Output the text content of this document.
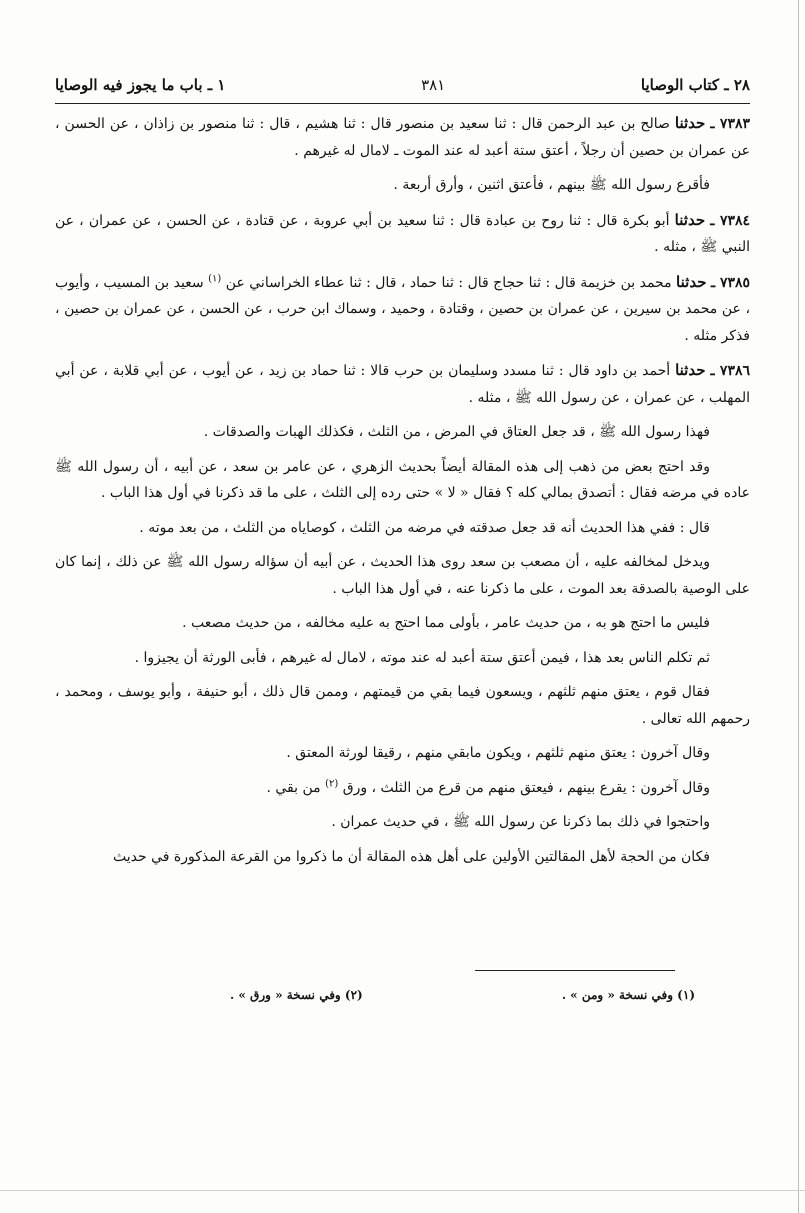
٢٨ ـ كتاب الوصايا
٣٨١
١ ـ باب ما يجوز فيه الوصايا

٧٣٨٣ ـ حدثنا صالح بن عبد الرحمن قال : ثنا سعيد بن منصور قال : ثنا هشيم ، قال : ثنا منصور بن زاذان ، عن الحسن ، عن عمران بن حصين أن رجلاً ، أعتق ستة أعبد له عند الموت ـ لامال له غيرهم .

فأقرع رسول الله ﷺ بينهم ، فأعتق اثنين ، وأرق أربعة .

٧٣٨٤ ـ حدثنا أبو بكرة قال : ثنا روح بن عبادة قال : ثنا سعيد بن أبي عروبة ، عن قتادة ، عن الحسن ، عن عمران ، عن النبي ﷺ ، مثله .

٧٣٨٥ ـ حدثنا محمد بن خزيمة قال : ثنا حجاج قال : ثنا حماد ، قال : ثنا عطاء الخراساني عن $^{(١)}$ سعيد بن المسيب ، وأيوب ، عن محمد بن سيرين ، عن عمران بن حصين ، وقتادة ، وحميد ، وسماك ابن حرب ، عن الحسن ، عن عمران بن حصين ، فذكر مثله .

٧٣٨٦ ـ حدثنا أحمد بن داود قال : ثنا مسدد وسليمان بن حرب قالا : ثنا حماد بن زيد ، عن أيوب ، عن أبي قلابة ، عن أبي المهلب ، عن عمران ، عن رسول الله ﷺ ، مثله .

فهذا رسول الله ﷺ ، قد جعل العتاق في المرض ، من الثلث ، فكذلك الهبات والصدقات .

وقد احتج بعض من ذهب إلى هذه المقالة أيضاً بحديث الزهري ، عن عامر بن سعد ، عن أبيه ، أن رسول الله ﷺ عاده في مرضه فقال : أتصدق بمالي كله ؟ فقال « لا » حتى رده إلى الثلث ، على ما قد ذكرنا في أول هذا الباب .

قال : ففي هذا الحديث أنه قد جعل صدقته في مرضه من الثلث ، كوصاياه من الثلث ، من بعد موته .

ويدخل لمخالفه عليه ، أن مصعب بن سعد روى هذا الحديث ، عن أبيه أن سؤاله رسول الله ﷺ عن ذلك ، إنما كان على الوصية بالصدقة بعد الموت ، على ما ذكرنا عنه ، في أول هذا الباب .

فليس ما احتج هو به ، من حديث عامر ، بأولى مما احتج به عليه مخالفه ، من حديث مصعب .

ثم تكلم الناس بعد هذا ، فيمن أعتق ستة أعبد له عند موته ، لامال له غيرهم ، فأبى الورثة أن يجيزوا .

فقال قوم ، يعتق منهم ثلثهم ، ويسعون فيما بقي من قيمتهم ، وممن قال ذلك ، أبو حنيفة ، وأبو يوسف ، ومحمد ، رحمهم الله تعالى .

وقال آخرون : يعتق منهم ثلثهم ، ويكون مابقي منهم ، رقيقا لورثة المعتق .

وقال آخرون : يقرع بينهم ، فيعتق منهم من قرع من الثلث ، ورق $^{(٢)}$ من بقي .

واحتجوا في ذلك بما ذكرنا عن رسول الله ﷺ ، في حديث عمران .

فكان من الحجة لأهل المقالتين الأولين على أهل هذه المقالة أن ما ذكروا من القرعة المذكورة في حديث

(١) وفي نسخة « ومن » .
(٢) وفي نسخة « ورق » .
